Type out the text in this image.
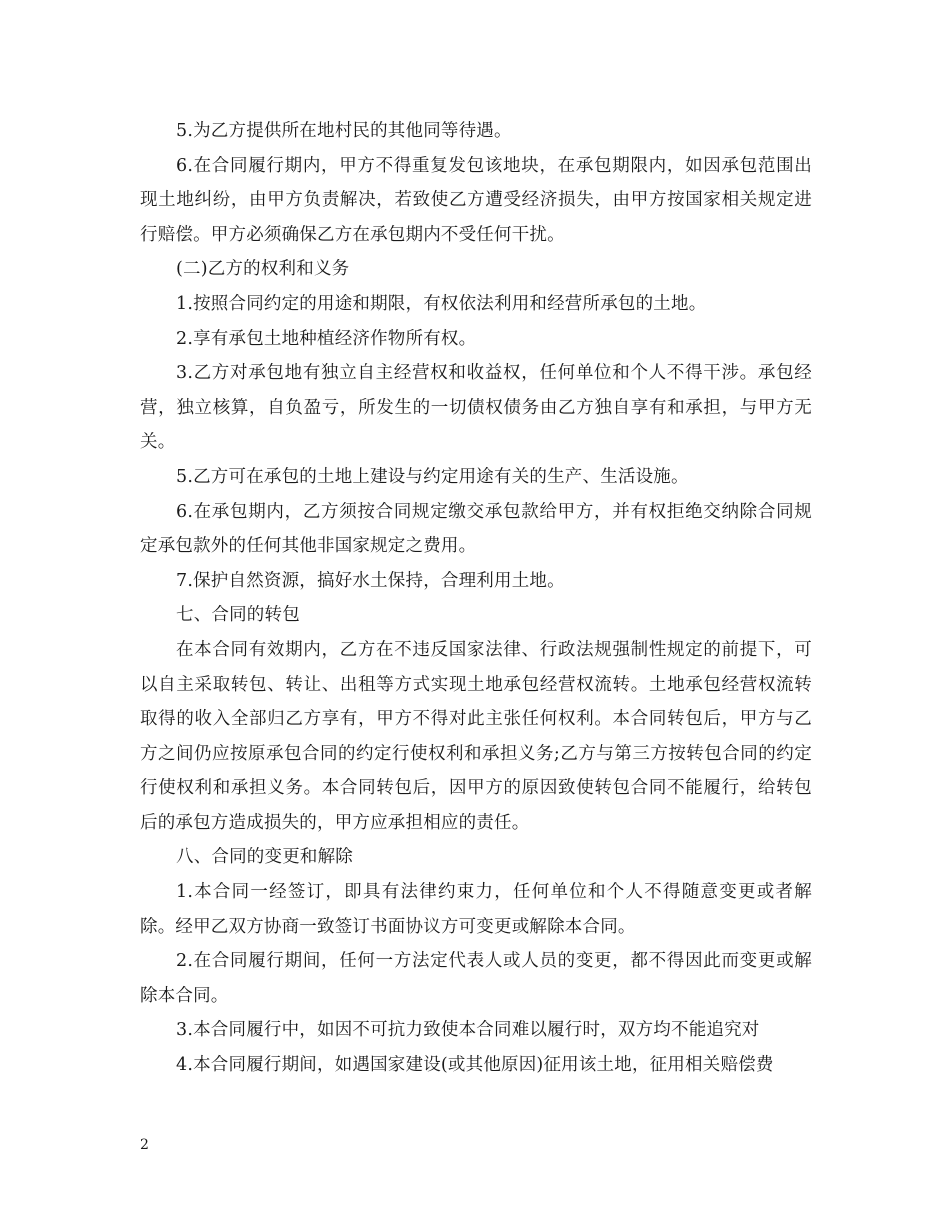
5.为乙方提供所在地村民的其他同等待遇。

6.在合同履行期内，甲方不得重复发包该地块，在承包期限内，如因承包范围出现土地纠纷，由甲方负责解决，若致使乙方遭受经济损失，由甲方按国家相关规定进行赔偿。甲方必须确保乙方在承包期内不受任何干扰。

(二)乙方的权利和义务

1.按照合同约定的用途和期限，有权依法利用和经营所承包的土地。

2.享有承包土地种植经济作物所有权。

3.乙方对承包地有独立自主经营权和收益权，任何单位和个人不得干涉。承包经营，独立核算，自负盈亏，所发生的一切债权债务由乙方独自享有和承担，与甲方无关。

5.乙方可在承包的土地上建设与约定用途有关的生产、生活设施。

6.在承包期内，乙方须按合同规定缴交承包款给甲方，并有权拒绝交纳除合同规定承包款外的任何其他非国家规定之费用。

7.保护自然资源，搞好水土保持，合理利用土地。

七、合同的转包

在本合同有效期内，乙方在不违反国家法律、行政法规强制性规定的前提下，可以自主采取转包、转让、出租等方式实现土地承包经营权流转。土地承包经营权流转取得的收入全部归乙方享有，甲方不得对此主张任何权利。本合同转包后，甲方与乙方之间仍应按原承包合同的约定行使权利和承担义务;乙方与第三方按转包合同的约定行使权利和承担义务。本合同转包后，因甲方的原因致使转包合同不能履行，给转包后的承包方造成损失的，甲方应承担相应的责任。

八、合同的变更和解除

1.本合同一经签订，即具有法律约束力，任何单位和个人不得随意变更或者解除。经甲乙双方协商一致签订书面协议方可变更或解除本合同。

2.在合同履行期间，任何一方法定代表人或人员的变更，都不得因此而变更或解除本合同。

3.本合同履行中，如因不可抗力致使本合同难以履行时，双方均不能追究对

4.本合同履行期间，如遇国家建设(或其他原因)征用该土地，征用相关赔偿费

2
